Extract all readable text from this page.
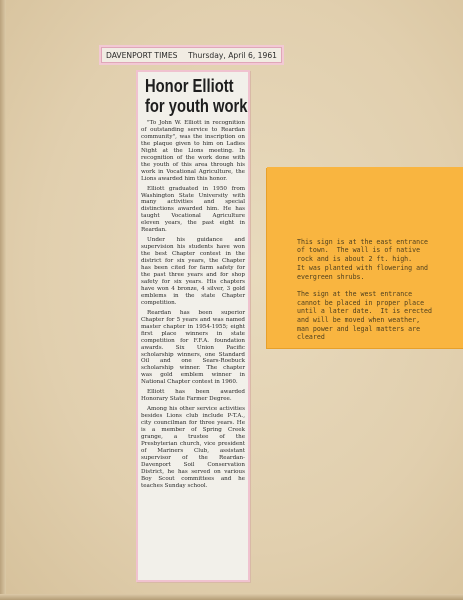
DAVENPORT TIMES Thursday, April 6, 1961
Honor Elliott
for youth work

"To John W. Elliott in recognition of outstanding service to Reardan community", was the inscription on the plaque given to him on Ladies Night at the Lions meeting. In recognition of the work done with the youth of this area through his work in Vocational Agriculture, the Lions awarded him this honor.

Elliott graduated in 1950 from Washington State University with many activities and special distinctions awarded him. He has taught Vocational Agriculture eleven years, the past eight in Reardan.

Under his guidance and supervision his students have won the best Chapter contest in the district for six years, the Chapter has been cited for farm safety for the past three years and for shop safety for six years. His chapters have won 4 bronze, 4 silver, 3 gold emblems in the state Chapter competition.

Reardan has been superior Chapter for 5 years and was named master chapter in 1954-1955; eight first place winners in state competition for F.F.A. foundation awards. Six Union Pacific scholarship winners, one Standard Oil and one Sears-Roebuck scholarship winner. The chapter was gold emblem winner in National Chapter contest in 1960.

Elliott has been awarded Honorary State Farmer Degree.

Among his other service activities besides Lions club include P-T.A., city councilman for three years. He is a member of Spring Creek grange, a trustee of the Presbyterian church, vice president of Mariners Club, assistant supervisor of the Reardan-Davenport Soil Conservation District, he has served on various Boy Scout committees and he teaches Sunday school.

This sign is at the east entrance
of town.  The wall is of native
rock and is about 2 ft. high.
It was planted with flowering and
evergreen shrubs.

The sign at the west entrance
cannot be placed in proper place
until a later date.  It is erected
and will be moved when weather,
man power and legal matters are
cleared
